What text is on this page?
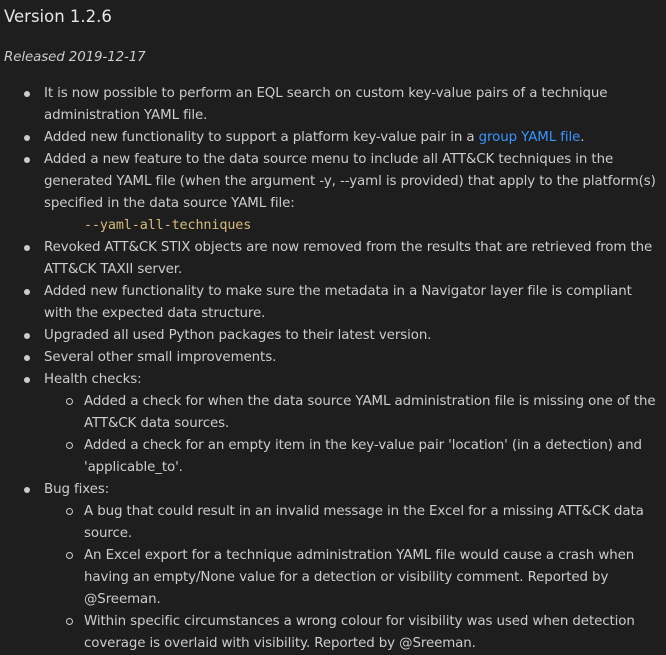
Version 1.2.6

Released 2019-12-17

It is now possible to perform an EQL search on custom key-value pairs of a technique administration YAML file.
Added new functionality to support a platform key-value pair in a group YAML file.
Added a new feature to the data source menu to include all ATT&CK techniques in the generated YAML file (when the argument -y, --yaml is provided) that apply to the platform(s) specified in the data source YAML file:
--yaml-all-techniques
Revoked ATT&CK STIX objects are now removed from the results that are retrieved from the ATT&CK TAXII server.
Added new functionality to make sure the metadata in a Navigator layer file is compliant with the expected data structure.
Upgraded all used Python packages to their latest version.
Several other small improvements.
Health checks:
Added a check for when the data source YAML administration file is missing one of the ATT&CK data sources.
Added a check for an empty item in the key-value pair 'location' (in a detection) and 'applicable_to'.
Bug fixes:
A bug that could result in an invalid message in the Excel for a missing ATT&CK data source.
An Excel export for a technique administration YAML file would cause a crash when having an empty/None value for a detection or visibility comment. Reported by @Sreeman.
Within specific circumstances a wrong colour for visibility was used when detection coverage is overlaid with visibility. Reported by @Sreeman.
